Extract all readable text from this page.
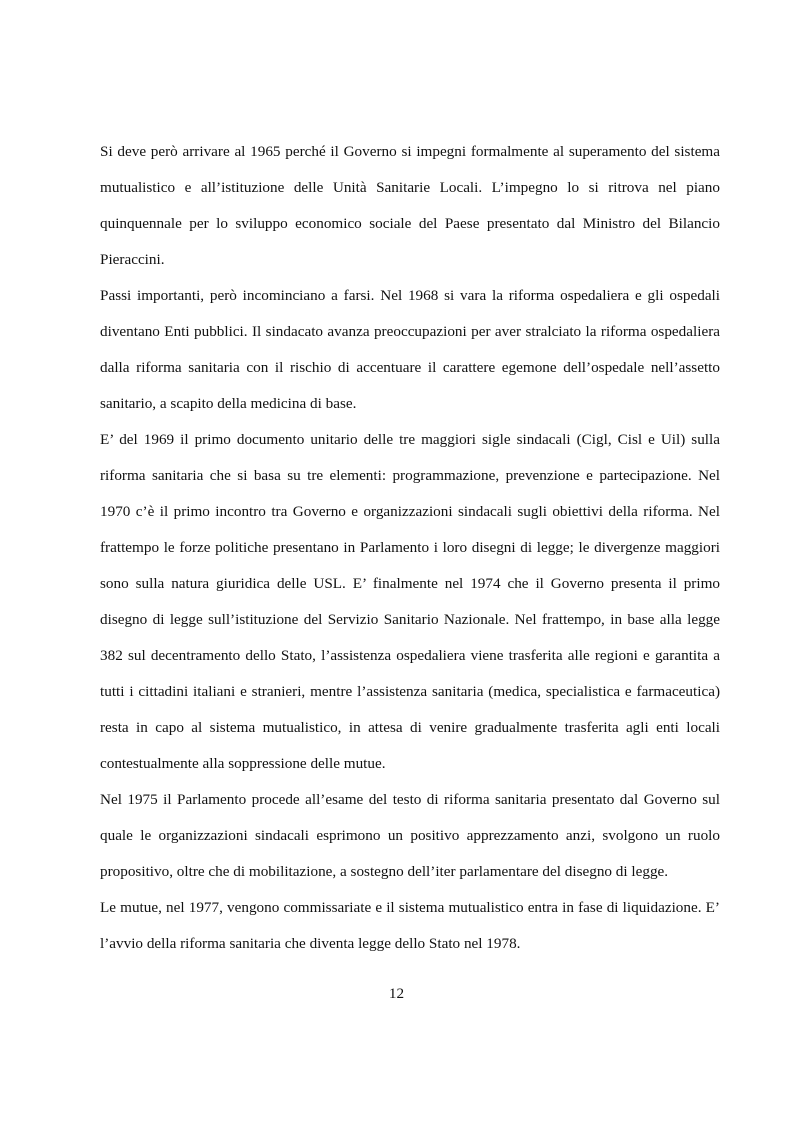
Si deve però arrivare al 1965 perché il Governo si impegni formalmente al superamento del sistema mutualistico e all’istituzione delle Unità Sanitarie Locali. L’impegno lo si ritrova nel piano quinquennale per lo sviluppo economico sociale del Paese presentato dal Ministro del Bilancio Pieraccini.

Passi importanti, però incominciano a farsi. Nel 1968 si vara la riforma ospedaliera e gli ospedali diventano Enti pubblici. Il sindacato avanza preoccupazioni per aver stralciato la riforma ospedaliera dalla riforma sanitaria con il rischio di accentuare il carattere egemone dell’ospedale nell’assetto sanitario, a scapito della medicina di base.

E’ del 1969 il primo documento unitario delle tre maggiori sigle sindacali (Cigl, Cisl e Uil) sulla riforma sanitaria che si basa su tre elementi: programmazione, prevenzione e partecipazione. Nel 1970 c’è il primo incontro tra Governo e organizzazioni sindacali sugli obiettivi della riforma. Nel frattempo le forze politiche presentano in Parlamento i loro disegni di legge; le divergenze maggiori sono sulla natura giuridica delle USL. E’ finalmente nel 1974 che il Governo presenta il primo disegno di legge sull’istituzione del Servizio Sanitario Nazionale. Nel frattempo, in base alla legge 382 sul decentramento dello Stato, l’assistenza ospedaliera viene trasferita alle regioni e garantita a tutti i cittadini italiani e stranieri, mentre l’assistenza sanitaria (medica, specialistica e farmaceutica) resta in capo al sistema mutualistico, in attesa di venire gradualmente trasferita agli enti locali contestualmente alla soppressione delle mutue.

Nel 1975 il Parlamento procede all’esame del testo di riforma sanitaria presentato dal Governo sul quale le organizzazioni sindacali esprimono un positivo apprezzamento anzi, svolgono un ruolo propositivo, oltre che di mobilitazione, a sostegno dell’iter parlamentare del disegno di legge.

Le mutue, nel 1977, vengono commissariate e il sistema mutualistico entra in fase di liquidazione. E’ l’avvio della riforma sanitaria che diventa legge dello Stato nel 1978.

12
